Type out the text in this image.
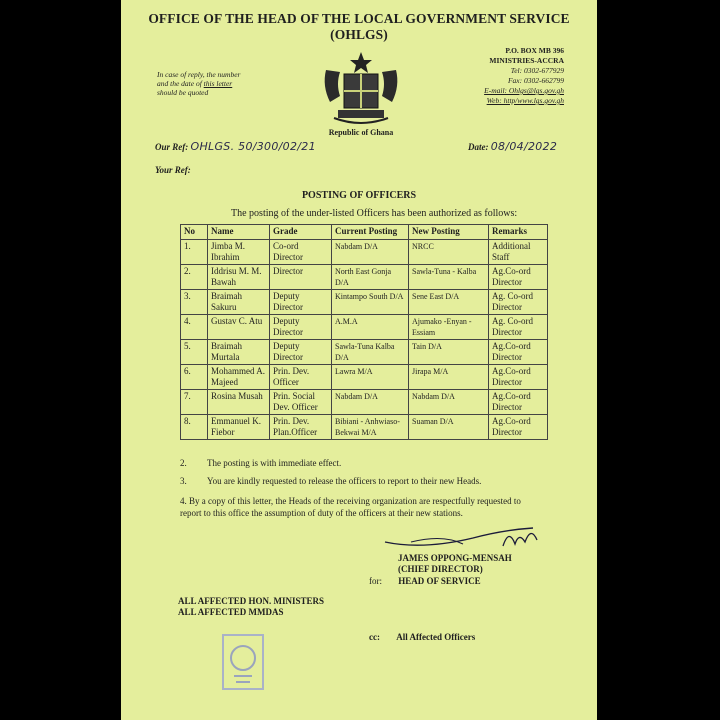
OFFICE OF THE HEAD OF THE LOCAL GOVERNMENT SERVICE
(OHLGS)
In case of reply, the number
and the date of this letter
should be quoted
Republic of Ghana
P.O. BOX MB 396
MINISTRIES-ACCRA
Tel: 0302-677929
Fax: 0302-662799
E-mail: Ohlgs@lgs.gov.gh
Web: http/www.lgs.gov.gh
Our Ref: OHLGS. 50/300/02/21	Date: 08/04/2022
Your Ref:
POSTING OF OFFICERS
The posting of the under-listed Officers has been authorized as follows:
No	Name	Grade	Current Posting	New Posting	Remarks
1.	Jimba M. Ibrahim	Co-ord Director	Nabdam D/A	NRCC	Additional Staff
2.	Iddrisu M. M. Bawah	Director	North East Gonja D/A	Sawla-Tuna - Kalba	Ag.Co-ord Director
3.	Braimah Sakuru	Deputy Director	Kintampo South D/A	Sene East D/A	Ag. Co-ord Director
4.	Gustav C. Atu	Deputy Director	A.M.A	Ajumako -Enyan -Essiam	Ag. Co-ord Director
5.	Braimah Murtala	Deputy Director	Sawla-Tuna Kalba D/A	Tain D/A	Ag.Co-ord Director
6.	Mohammed A. Majeed	Prin. Dev. Officer	Lawra M/A	Jirapa M/A	Ag.Co-ord Director
7.	Rosina Musah	Prin. Social Dev. Officer	Nabdam D/A	Nabdam D/A	Ag.Co-ord Director
8.	Emmanuel K. Fiebor	Prin. Dev. Plan.Officer	Bibiani - Anhwiaso-Bekwai M/A	Suaman D/A	Ag.Co-ord Director
2. The posting is with immediate effect.
3. You are kindly requested to release the officers to report to their new Heads.
4. By a copy of this letter, the Heads of the receiving organization are respectfully requested to
report to this office the assumption of duty of the officers at their new stations.
JAMES OPPONG-MENSAH
(CHIEF DIRECTOR)
for: HEAD OF SERVICE
ALL AFFECTED HON. MINISTERS
ALL AFFECTED MMDAS
cc: All Affected Officers
